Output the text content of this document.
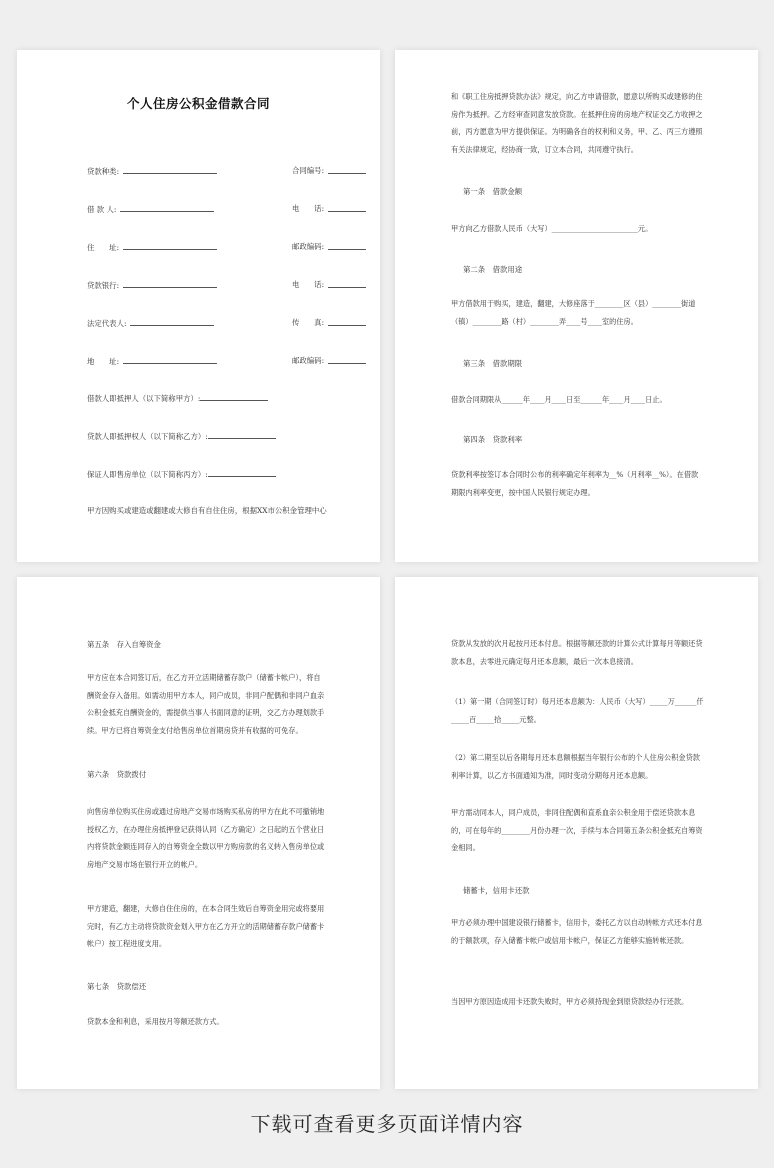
个人住房公积金借款合同
贷款种类:	合同编号:
借 款 人:	电　　话:
住　　址:	邮政编码:
贷款银行:	电　　话:
法定代表人:	传　　真:
地　　址:	邮政编码:
借款人即抵押人（以下简称甲方）:
贷款人即抵押权人（以下简称乙方）:
保证人即售房单位（以下简称丙方）:
甲方因购买或建造或翻建或大修自有自住住房，根据XX市公积金管理中心
和《职工住房抵押贷款办法》规定，向乙方申请借款，愿意以所购买或建修的住房作为抵押。乙方经审查同意发放贷款。在抵押住房的房地产权证交乙方收押之前，丙方愿意为甲方提供保证。为明确各自的权利和义务，甲、乙、丙三方遵照有关法律规定，经协商一致，订立本合同，共同遵守执行。
第一条　借款金额
甲方向乙方借款人民币（大写）________________________元。
第二条　借款用途
甲方借款用于购买，建造，翻建，大修座落于________区（县）________街道（镇）________路（村）________弄____号____室的住房。
第三条　借款期限
借款合同期限从______年____月____日至______年____月____日止。
第四条　贷款利率
贷款利率按签订本合同时公布的利率确定年利率为__%（月利率__%）。在借款期限内利率变更，按中国人民银行规定办理。
第五条　存入自筹资金
甲方应在本合同签订后，在乙方开立活期储蓄存款户（储蓄卡帐户），将自酬资金存入备用。如需动用甲方本人，同户成员，非同户配偶和非同户血亲公积金抵充自酬资金的，需提供当事人书面同意的证明，交乙方办理划款手续。甲方已将自筹资金支付给售房单位首期房贷并有收据的可免存。
第六条　贷款拨付
向售房单位购买住房或通过房地产交易市场购买私房的甲方在此不可撤销地授权乙方，在办理住房抵押登记获得认同（乙方确定）之日起的五个营业日内将贷款金额连同存入的自筹资金全数以甲方购房款的名义转入售房单位或房地产交易市场在银行开立的帐户。
甲方建造，翻建，大修自住住房的，在本合同生效后自筹资金用完或将要用完时，有乙方主动将贷款资金划入甲方在乙方开立的活期储蓄存款户储蓄卡帐户）按工程进度支用。
第七条　贷款偿还
贷款本金和利息，采用按月等额还款方式。
贷款从发放的次月起按月还本付息。根据等额还款的计算公式计算每月等额还贷款本息，去零进元确定每月还本息额，最后一次本息接清。
（1）第一期（合同签订时）每月还本息额为：人民币（大写）_____万______仟_____百_____拾_____元整。
（2）第二期至以后各期每月还本息额根据当年银行公布的个人住房公积金贷款利率计算，以乙方书面通知为准，同时变动分期每月还本息额。
甲方需动同本人，同户成员，非同住配偶和直系血亲公积金用于偿还贷款本息的，可在每年的________月份办理一次，手续与本合同第五条公积金抵充自筹资金相同。
储蓄卡，信用卡还款
甲方必须办理中国建设银行储蓄卡，信用卡，委托乙方以自动转帐方式还本付息的于额款项，存入储蓄卡帐户或信用卡帐户，保证乙方能够实施转帐还款。
当因甲方原因造成用卡还款失败时，甲方必须持现金到原贷款经办行还款。
下载可查看更多页面详情内容
